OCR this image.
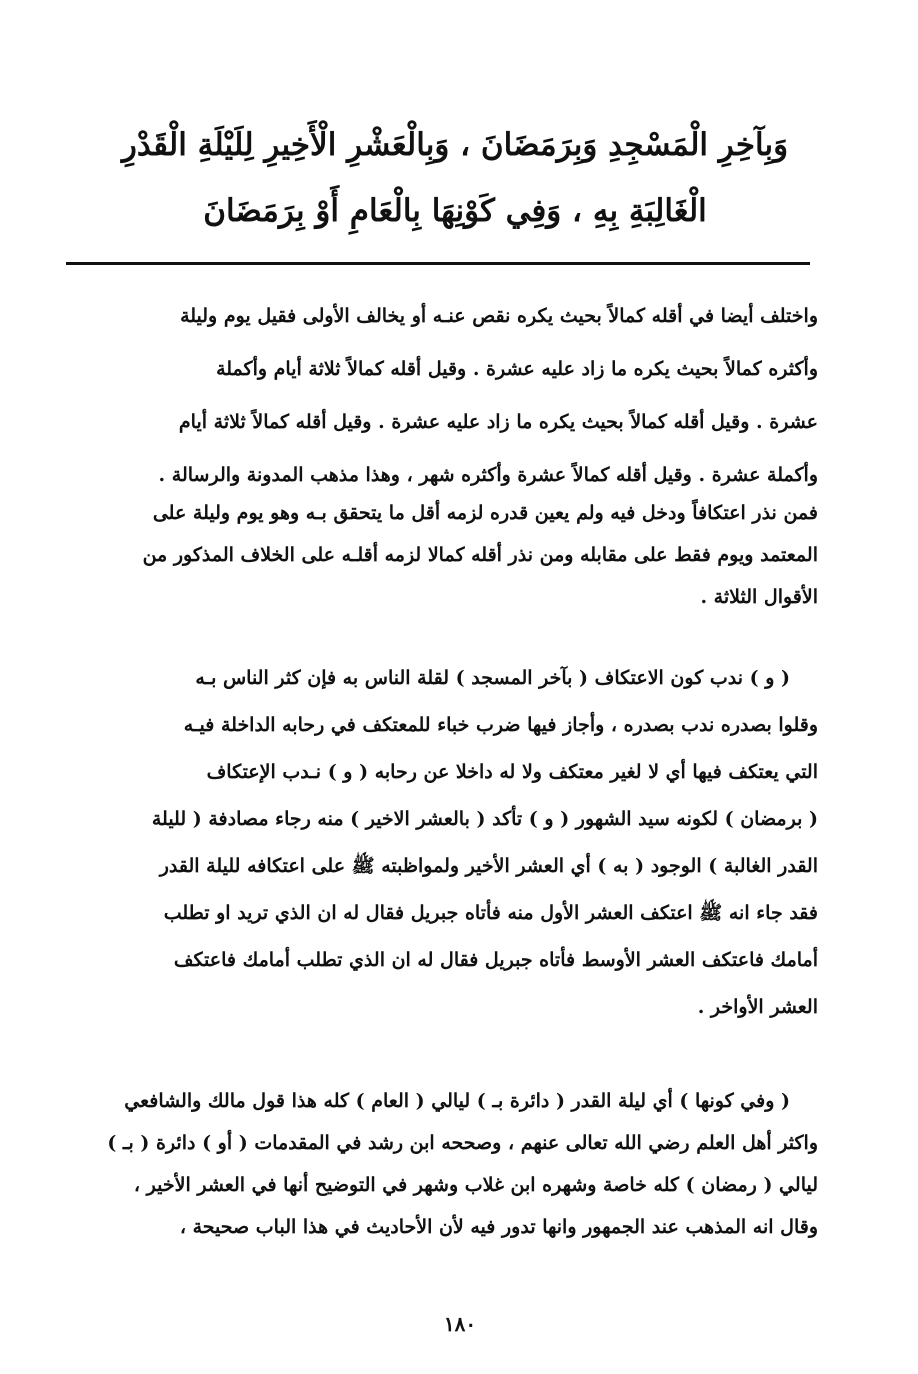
وَبِآخِرِ الْمَسْجِدِ وَبِرَمَضَانَ ، وَبِالْعَشْرِ الْأَخِيرِ لِلَيْلَةِ الْقَدْرِ
الْغَالِبَةِ بِهِ ، وَفِي كَوْنِهَا بِالْعَامِ أَوْ بِرَمَضَانَ
واختلف أيضا في أقله كمالاً بحيث يكره نقص عنـه أو يخالف الأولى فقيل يوم وليلة
وأكثره كمالاً بحيث يكره ما زاد عليه عشرة . وقيل أقله كمالاً ثلاثة أيام وأكملة
عشرة . وقيل أقله كمالاً بحيث يكره ما زاد عليه عشرة . وقيل أقله كمالاً ثلاثة أيام
وأكملة عشرة . وقيل أقله كمالاً عشرة وأكثره شهر ، وهذا مذهب المدونة والرسالة .
فمن نذر اعتكافاً ودخل فيه ولم يعين قدره لزمه أقل ما يتحقق بـه وهو يوم وليلة على
المعتمد ويوم فقط على مقابله ومن نذر أقله كمالا لزمه أقلـه على الخلاف المذكور من
الأقوال الثلاثة .
( و ) ندب كون الاعتكاف ( بآخر المسجد ) لقلة الناس به فإن كثر الناس بـه
وقلوا بصدره ندب بصدره ، وأجاز فيها ضرب خباء للمعتكف في رحابه الداخلة فيـه
التي يعتكف فيها أي لا لغير معتكف ولا له داخلا عن رحابه ( و ) نـدب الإعتكاف
( برمضان ) لكونه سيد الشهور ( و ) تأكد ( بالعشر الاخير ) منه رجاء مصادفة ( لليلة
القدر الغالبة ) الوجود ( به ) أي العشر الأخير ولمواظبته ﷺ على اعتكافه لليلة القدر
فقد جاء انه ﷺ اعتكف العشر الأول منه فأتاه جبريل فقال له ان الذي تريد او تطلب
أمامك فاعتكف العشر الأوسط فأتاه جبريل فقال له ان الذي تطلب أمامك فاعتكف
العشر الأواخر .
( وفي كونها ) أي ليلة القدر ( دائرة بـ ) ليالي ( العام ) كله هذا قول مالك والشافعي
واكثر أهل العلم رضي الله تعالى عنهم ، وصححه ابن رشد في المقدمات ( أو ) دائرة ( بـ )
ليالي ( رمضان ) كله خاصة وشهره ابن غلاب وشهر في التوضيح أنها في العشر الأخير ،
وقال انه المذهب عند الجمهور وانها تدور فيه لأن الأحاديث في هذا الباب صحيحة ،
١٨٠
